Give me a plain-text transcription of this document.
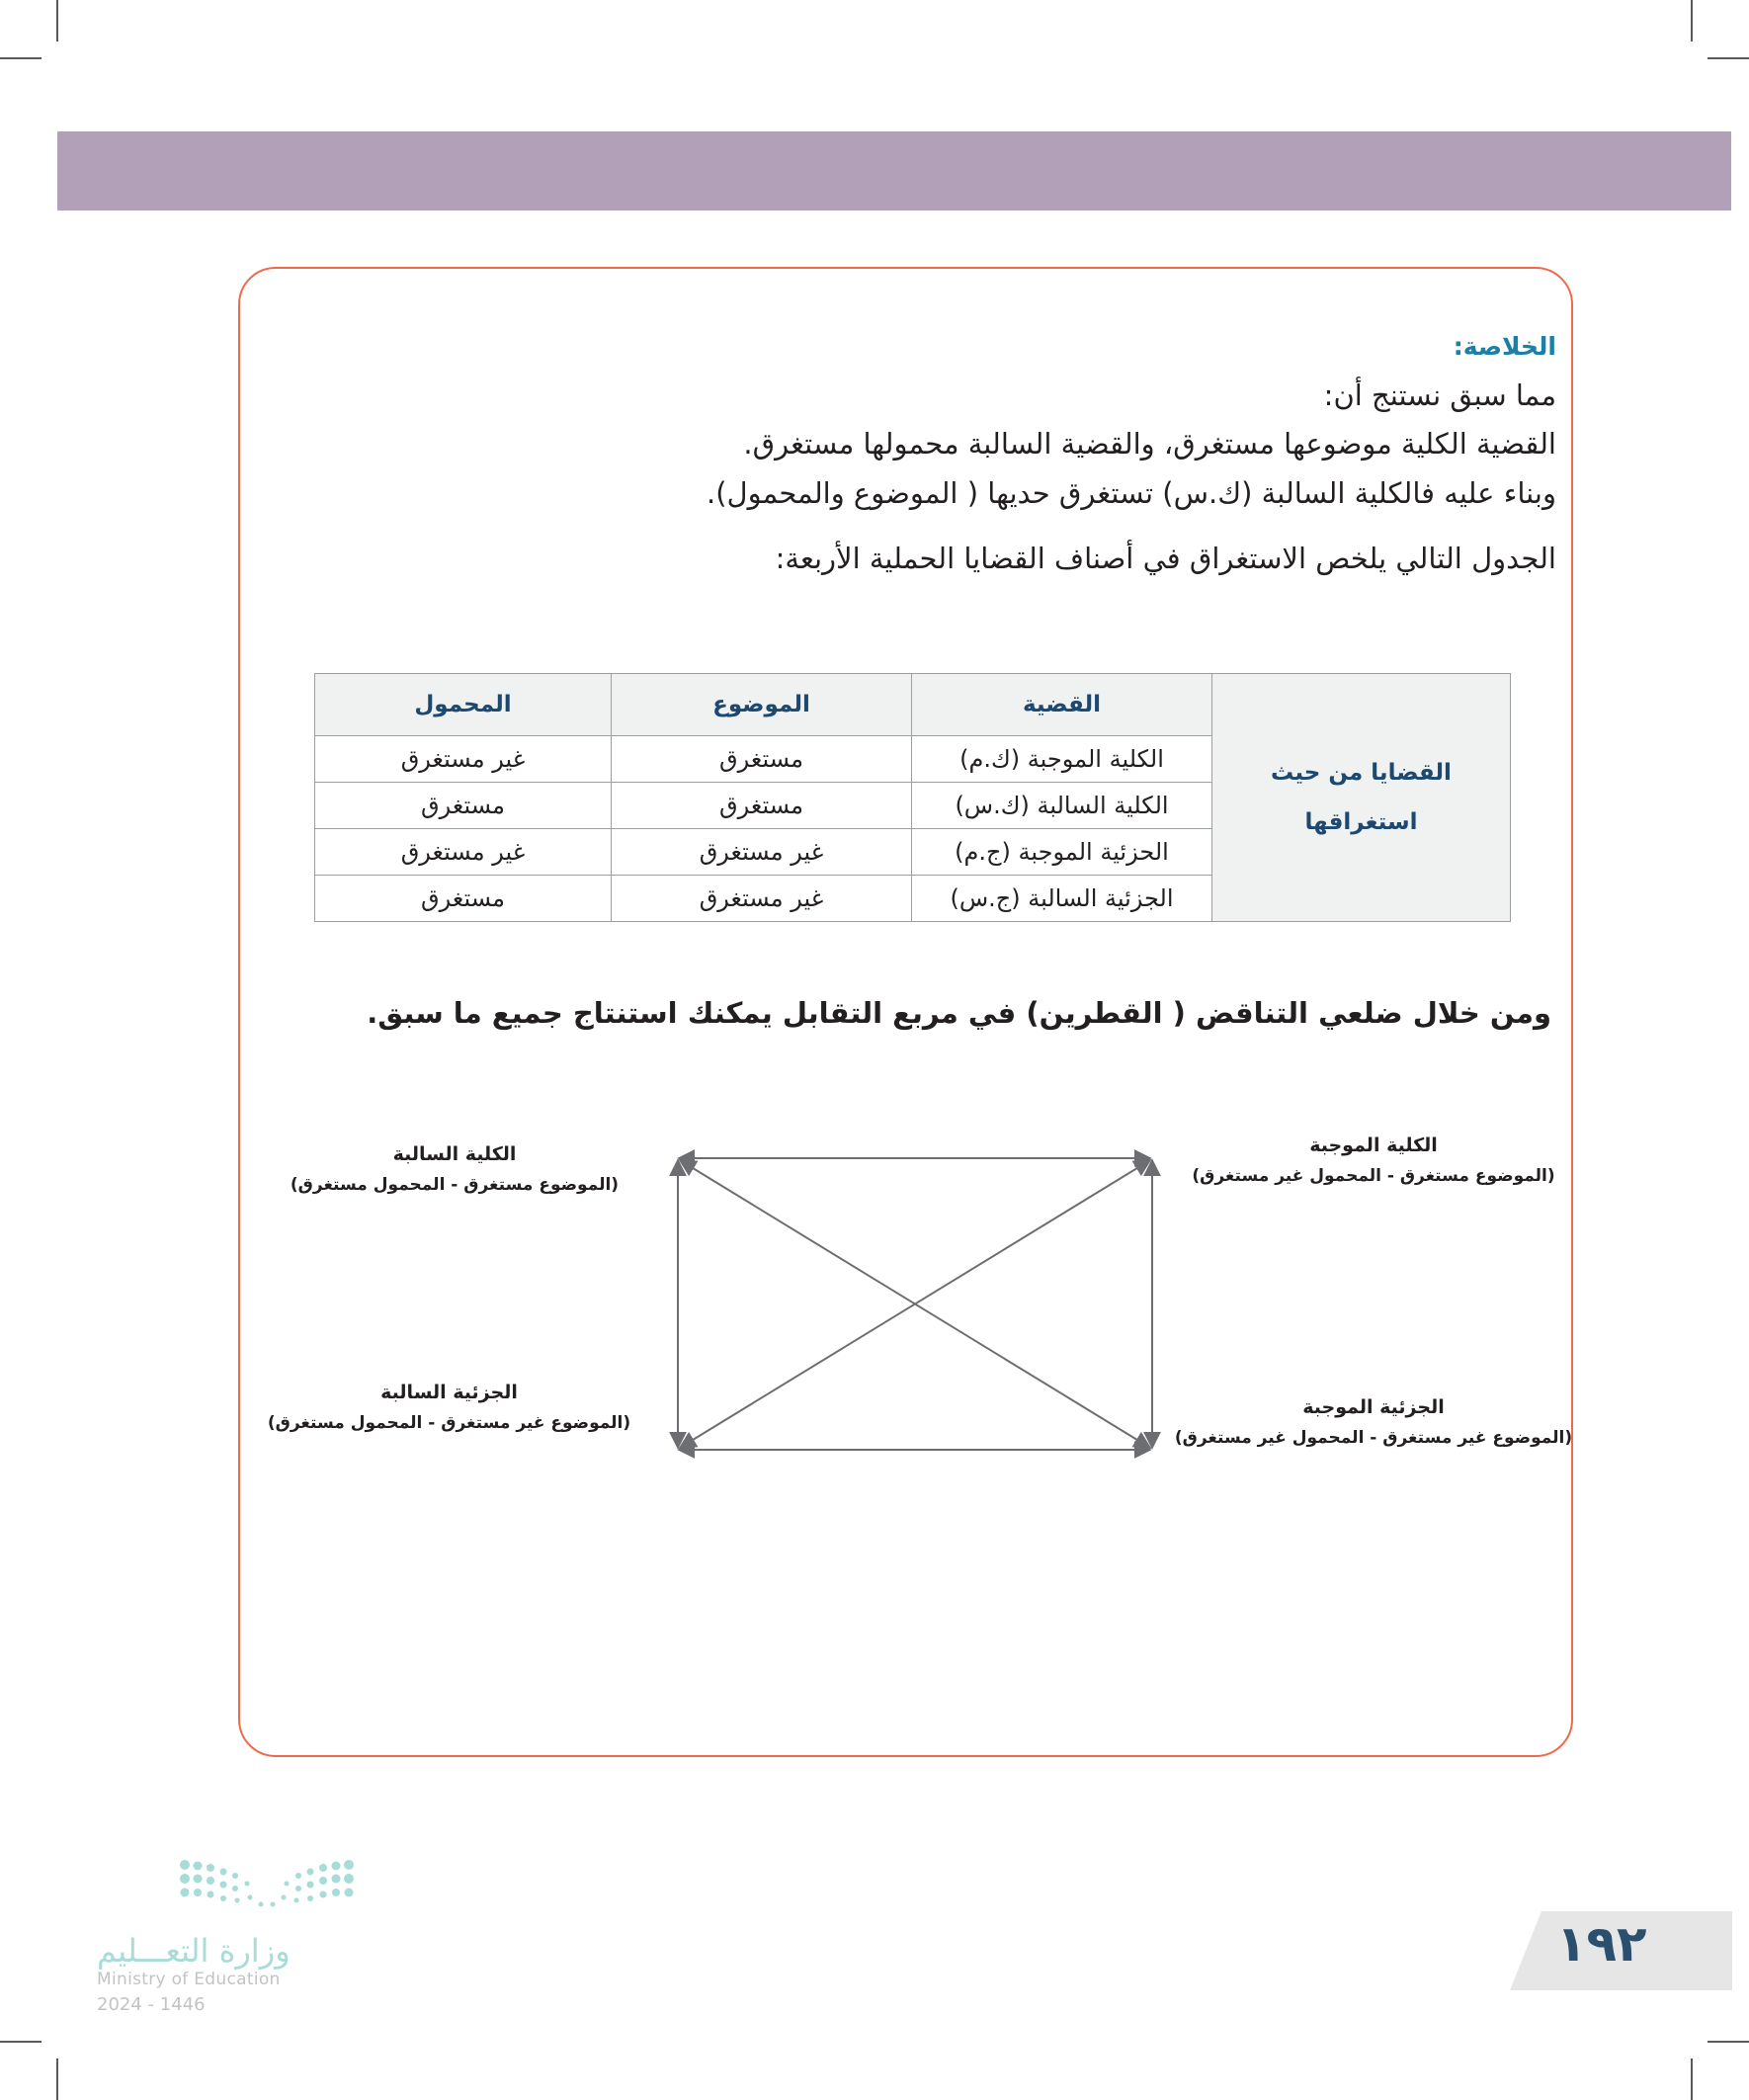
الخلاصة:
مما سبق نستنج أن:
القضية الكلية موضوعها مستغرق، والقضية السالبة محمولها مستغرق.
وبناء عليه فالكلية السالبة (ك.س) تستغرق حديها ( الموضوع والمحمول).
الجدول التالي يلخص الاستغراق في أصناف القضايا الحملية الأربعة:
القضايا من حيث
استغراقها	القضية	الموضوع	المحمول
	الكلية الموجبة (ك.م)	مستغرق	غير مستغرق
	الكلية السالبة (ك.س)	مستغرق	مستغرق
	الحزئية الموجبة (ج.م)	غير مستغرق	غير مستغرق
	الجزئية السالبة (ج.س)	غير مستغرق	مستغرق
ومن خلال ضلعي التناقض ( القطرين) في مربع التقابل يمكنك استنتاج جميع ما سبق.
الكلية الموجبة
(الموضوع مستغرق - المحمول غير مستغرق)
الكلية السالبة
(الموضوع مستغرق - المحمول مستغرق)
الجزئية الموجبة
(الموضوع غير مستغرق - المحمول غير مستغرق)
الجزئية السالبة
(الموضوع غير مستغرق - المحمول مستغرق)
وزارة التعـــليم
Ministry of Education
2024 - 1446
١٩٢
